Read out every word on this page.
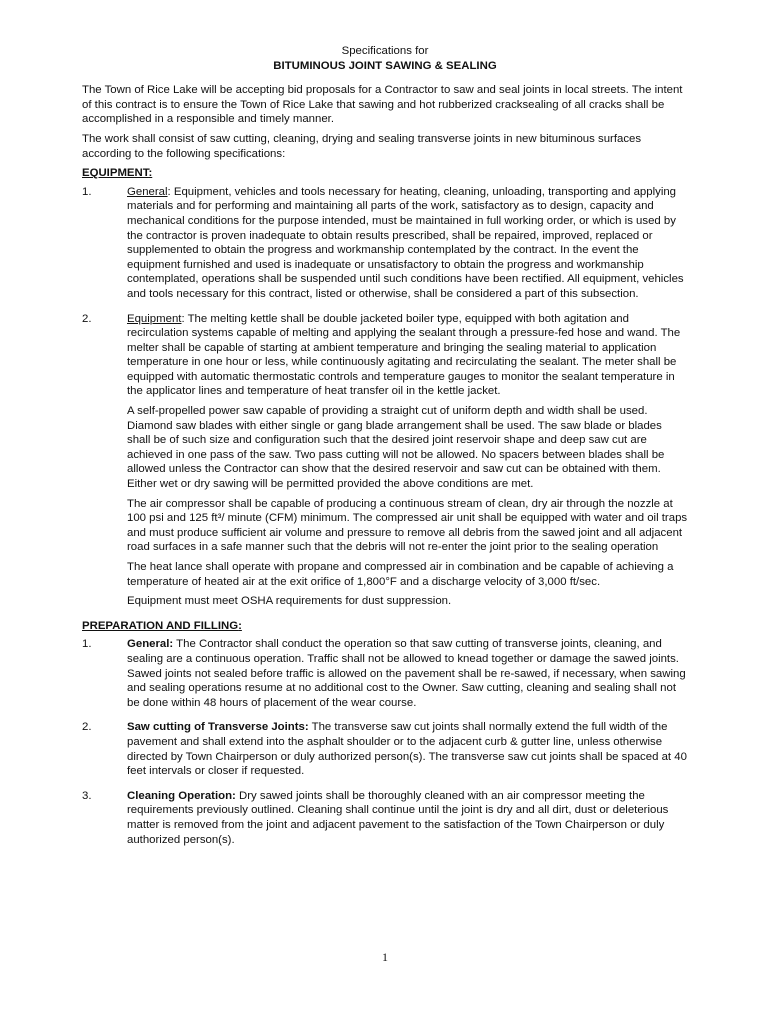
Specifications for
BITUMINOUS JOINT SAWING & SEALING

The Town of Rice Lake will be accepting bid proposals for a Contractor to saw and seal joints in local streets. The intent of this contract is to ensure the Town of Rice Lake that sawing and hot rubberized cracksealing of all cracks shall be accomplished in a responsible and timely manner.

The work shall consist of saw cutting, cleaning, drying and sealing transverse joints in new bituminous surfaces according to the following specifications:

EQUIPMENT:
1.	General: Equipment, vehicles and tools necessary for heating, cleaning, unloading, transporting and applying materials and for performing and maintaining all parts of the work, satisfactory as to design, capacity and mechanical conditions for the purpose intended, must be maintained in full working order, or which is used by the contractor is proven inadequate to obtain results prescribed, shall be repaired, improved, replaced or supplemented to obtain the progress and workmanship contemplated by the contract. In the event the equipment furnished and used is inadequate or unsatisfactory to obtain the progress and workmanship contemplated, operations shall be suspended until such conditions have been rectified. All equipment, vehicles and tools necessary for this contract, listed or otherwise, shall be considered a part of this subsection.

2.	Equipment: The melting kettle shall be double jacketed boiler type, equipped with both agitation and recirculation systems capable of melting and applying the sealant through a pressure-fed hose and wand. The melter shall be capable of starting at ambient temperature and bringing the sealing material to application temperature in one hour or less, while continuously agitating and recirculating the sealant. The meter shall be equipped with automatic thermostatic controls and temperature gauges to monitor the sealant temperature in the applicator lines and temperature of heat transfer oil in the kettle jacket.

A self-propelled power saw capable of providing a straight cut of uniform depth and width shall be used. Diamond saw blades with either single or gang blade arrangement shall be used. The saw blade or blades shall be of such size and configuration such that the desired joint reservoir shape and deep saw cut are achieved in one pass of the saw. Two pass cutting will not be allowed. No spacers between blades shall be allowed unless the Contractor can show that the desired reservoir and saw cut can be obtained with them. Either wet or dry sawing will be permitted provided the above conditions are met.

The air compressor shall be capable of producing a continuous stream of clean, dry air through the nozzle at 100 psi and 125 ft³/ minute (CFM) minimum. The compressed air unit shall be equipped with water and oil traps and must produce sufficient air volume and pressure to remove all debris from the sawed joint and all adjacent road surfaces in a safe manner such that the debris will not re-enter the joint prior to the sealing operation

The heat lance shall operate with propane and compressed air in combination and be capable of achieving a temperature of heated air at the exit orifice of 1,800°F and a discharge velocity of 3,000 ft/sec.

Equipment must meet OSHA requirements for dust suppression.

PREPARATION AND FILLING:
1.	General: The Contractor shall conduct the operation so that saw cutting of transverse joints, cleaning, and sealing are a continuous operation. Traffic shall not be allowed to knead together or damage the sawed joints. Sawed joints not sealed before traffic is allowed on the pavement shall be re-sawed, if necessary, when sawing and sealing operations resume at no additional cost to the Owner. Saw cutting, cleaning and sealing shall not be done within 48 hours of placement of the wear course.

2.	Saw cutting of Transverse Joints: The transverse saw cut joints shall normally extend the full width of the pavement and shall extend into the asphalt shoulder or to the adjacent curb & gutter line, unless otherwise directed by Town Chairperson or duly authorized person(s). The transverse saw cut joints shall be spaced at 40 feet intervals or closer if requested.

3.	Cleaning Operation: Dry sawed joints shall be thoroughly cleaned with an air compressor meeting the requirements previously outlined. Cleaning shall continue until the joint is dry and all dirt, dust or deleterious matter is removed from the joint and adjacent pavement to the satisfaction of the Town Chairperson or duly authorized person(s).

1
